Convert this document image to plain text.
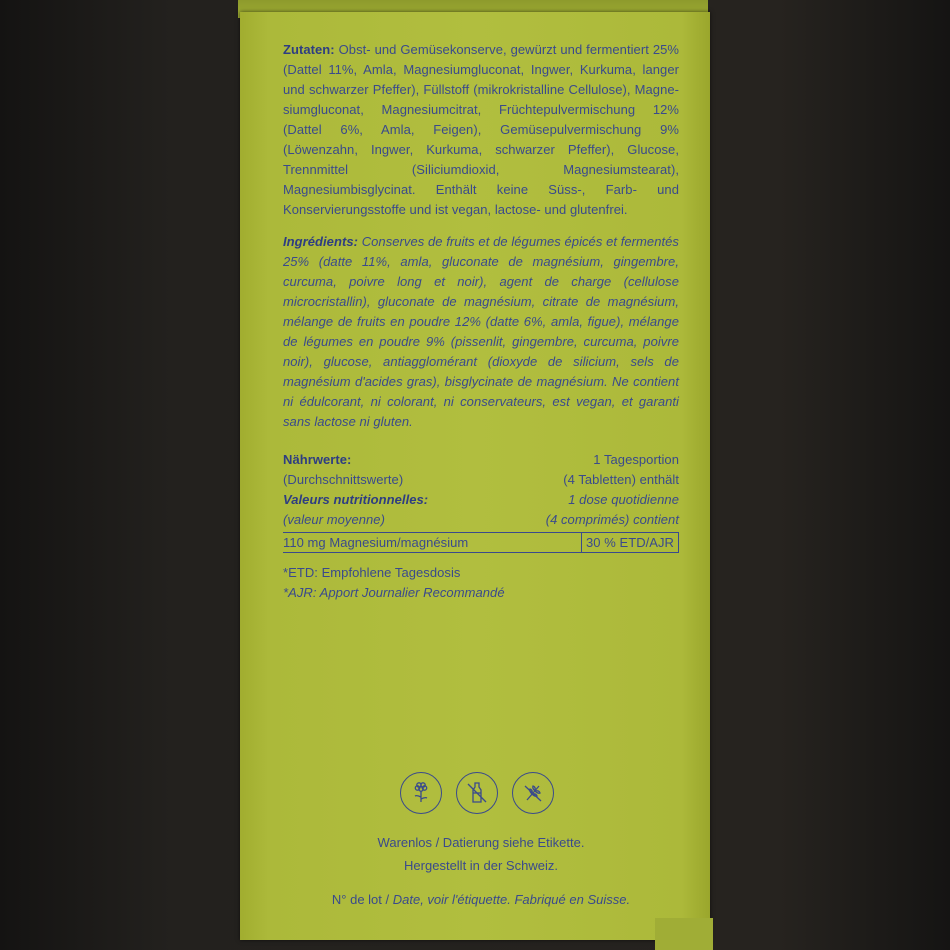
Zutaten: Obst- und Gemüsekonserve, gewürzt und fermentiert 25% (Dattel 11%, Amla, Magnesiumgluconat, Ingwer, Kurkuma, langer und schwarzer Pfeffer), Füllstoff (mikrokristalline Cellulose), Magnesiumgluconat, Magnesiumcitrat, Früchtepulvermischung 12% (Dattel 6%, Amla, Feigen), Gemüsepulvermischung 9% (Löwenzahn, Ingwer, Kurkuma, schwarzer Pfeffer), Glucose, Trennmittel (Siliciumdioxid, Magnesiumstearat), Magnesiumbisglycinat. Enthält keine Süss-, Farb- und Konservierungsstoffe und ist vegan, lactose- und glutenfrei.

Ingrédients: Conserves de fruits et de légumes épicés et fermentés 25% (datte 11%, amla, gluconate de magnésium, gingembre, curcuma, poivre long et noir), agent de charge (cellulose microcristallin), gluconate de magnésium, citrate de magnésium, mélange de fruits en poudre 12% (datte 6%, amla, figue), mélange de légumes en poudre 9% (pissenlit, gingembre, curcuma, poivre noir), glucose, antiagglomérant (dioxyde de silicium, sels de magnésium d'acides gras), bisglycinate de magnésium. Ne contient ni édulcorant, ni colorant, ni conservateurs, est vegan, et garanti sans lactose ni gluten.

Nährwerte:	1 Tagesportion
(Durchschnittswerte)	(4 Tabletten) enthält
Valeurs nutritionnelles:	1 dose quotidienne
(valeur moyenne)	(4 comprimés) contient
110 mg Magnesium/magnésium	30 % ETD/AJR
*ETD: Empfohlene Tagesdosis
*AJR: Apport Journalier Recommandé
Warenlos / Datierung siehe Etikette.
Hergestellt in der Schweiz.
N° de lot / Date, voir l'étiquette. Fabriqué en Suisse.
